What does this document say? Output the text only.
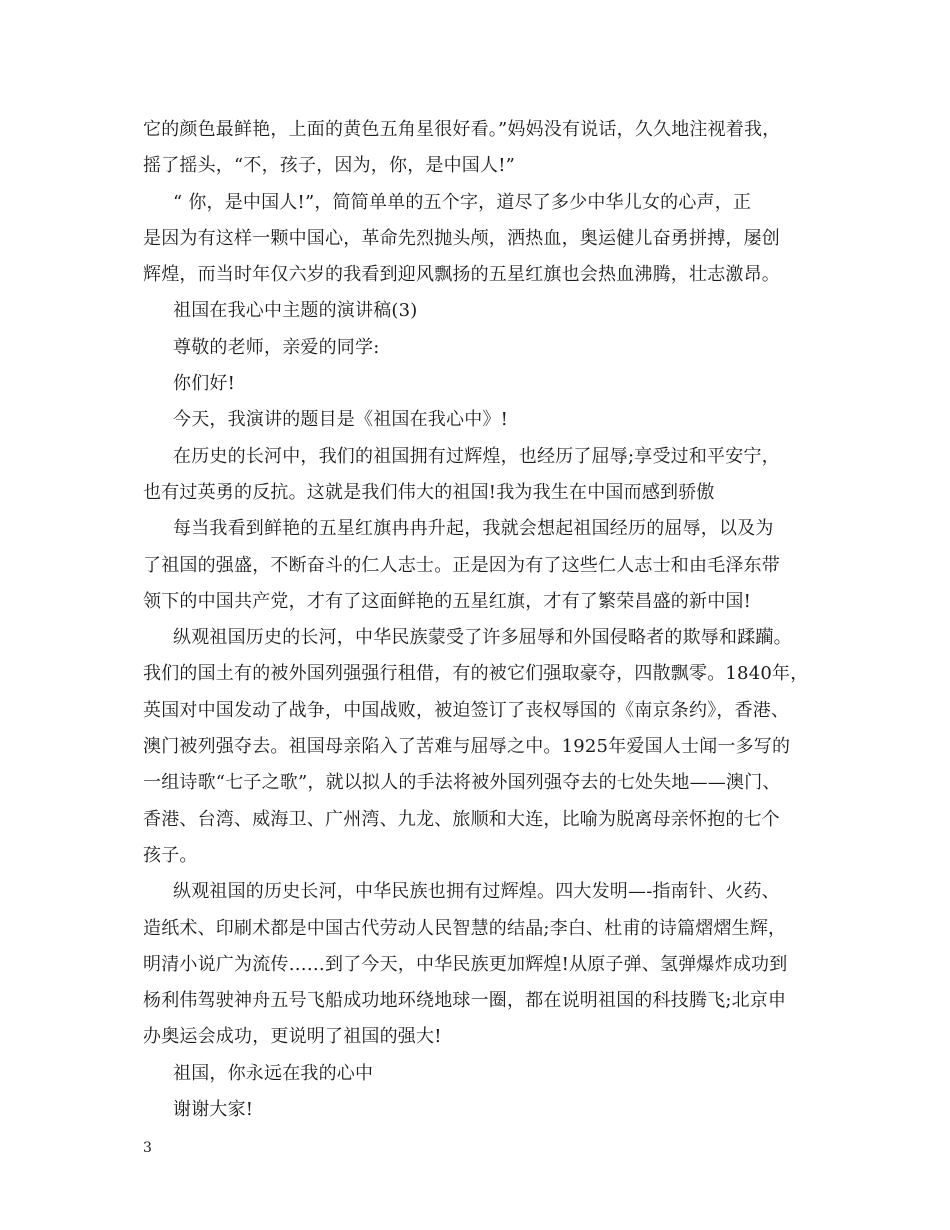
它的颜色最鲜艳，上面的黄色五角星很好看。”妈妈没有说话，久久地注视着我，
摇了摇头，“不，孩子，因为，你，是中国人!”
“ 你，是中国人!”，简简单单的五个字，道尽了多少中华儿女的心声，正
是因为有这样一颗中国心，革命先烈抛头颅，洒热血，奥运健儿奋勇拼搏，屡创
辉煌，而当时年仅六岁的我看到迎风飘扬的五星红旗也会热血沸腾，壮志激昂。
祖国在我心中主题的演讲稿(3)
尊敬的老师，亲爱的同学:
你们好!
今天，我演讲的题目是《祖国在我心中》!
在历史的长河中，我们的祖国拥有过辉煌，也经历了屈辱;享受过和平安宁，
也有过英勇的反抗。这就是我们伟大的祖国!我为我生在中国而感到骄傲
每当我看到鲜艳的五星红旗冉冉升起，我就会想起祖国经历的屈辱，以及为
了祖国的强盛，不断奋斗的仁人志士。正是因为有了这些仁人志士和由毛泽东带
领下的中国共产党，才有了这面鲜艳的五星红旗，才有了繁荣昌盛的新中国!
纵观祖国历史的长河，中华民族蒙受了许多屈辱和外国侵略者的欺辱和蹂躏。
我们的国土有的被外国列强强行租借，有的被它们强取豪夺，四散飘零。1840年，
英国对中国发动了战争，中国战败，被迫签订了丧权辱国的《南京条约》，香港、
澳门被列强夺去。祖国母亲陷入了苦难与屈辱之中。1925年爱国人士闻一多写的
一组诗歌“七子之歌”，就以拟人的手法将被外国列强夺去的七处失地——澳门、
香港、台湾、威海卫、广州湾、九龙、旅顺和大连，比喻为脱离母亲怀抱的七个
孩子。
纵观祖国的历史长河，中华民族也拥有过辉煌。四大发明—-指南针、火药、
造纸术、印刷术都是中国古代劳动人民智慧的结晶;李白、杜甫的诗篇熠熠生辉，
明清小说广为流传……到了今天，中华民族更加辉煌!从原子弹、氢弹爆炸成功到
杨利伟驾驶神舟五号飞船成功地环绕地球一圈，都在说明祖国的科技腾飞;北京申
办奥运会成功，更说明了祖国的强大!
祖国，你永远在我的心中
谢谢大家!
3
